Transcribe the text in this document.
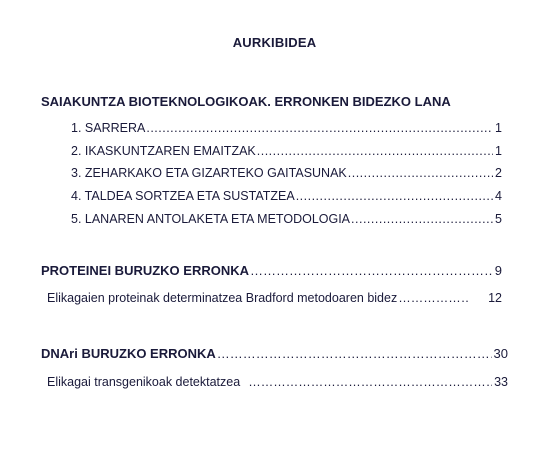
AURKIBIDEA
SAIAKUNTZA BIOTEKNOLOGIKOAK. ERRONKEN BIDEZKO LANA
1. SARRERA .....	1
2. IKASKUNTZAREN EMAITZAK .....	1
3. ZEHARKAKO ETA GIZARTEKO GAITASUNAK .....	2
4. TALDEA SORTZEA ETA SUSTATZEA .....	4
5. LANAREN ANTOLAKETA ETA METODOLOGIA .....	5
PROTEINEI BURUZKO ERRONKA ……………………………………………………………………………………………………………………………………………………………	9
Elikagaien proteinak determinatzea Bradford metodoaren bidez ……………………………………………………………………………………………………………………………………………………………	12
DNAri BURUZKO ERRONKA ……………………………………………………………………………………………………………………………………………………………	30
Elikagai transgenikoak detektatzea ……………………………………………………………………………………………………………………………………………………………	33
